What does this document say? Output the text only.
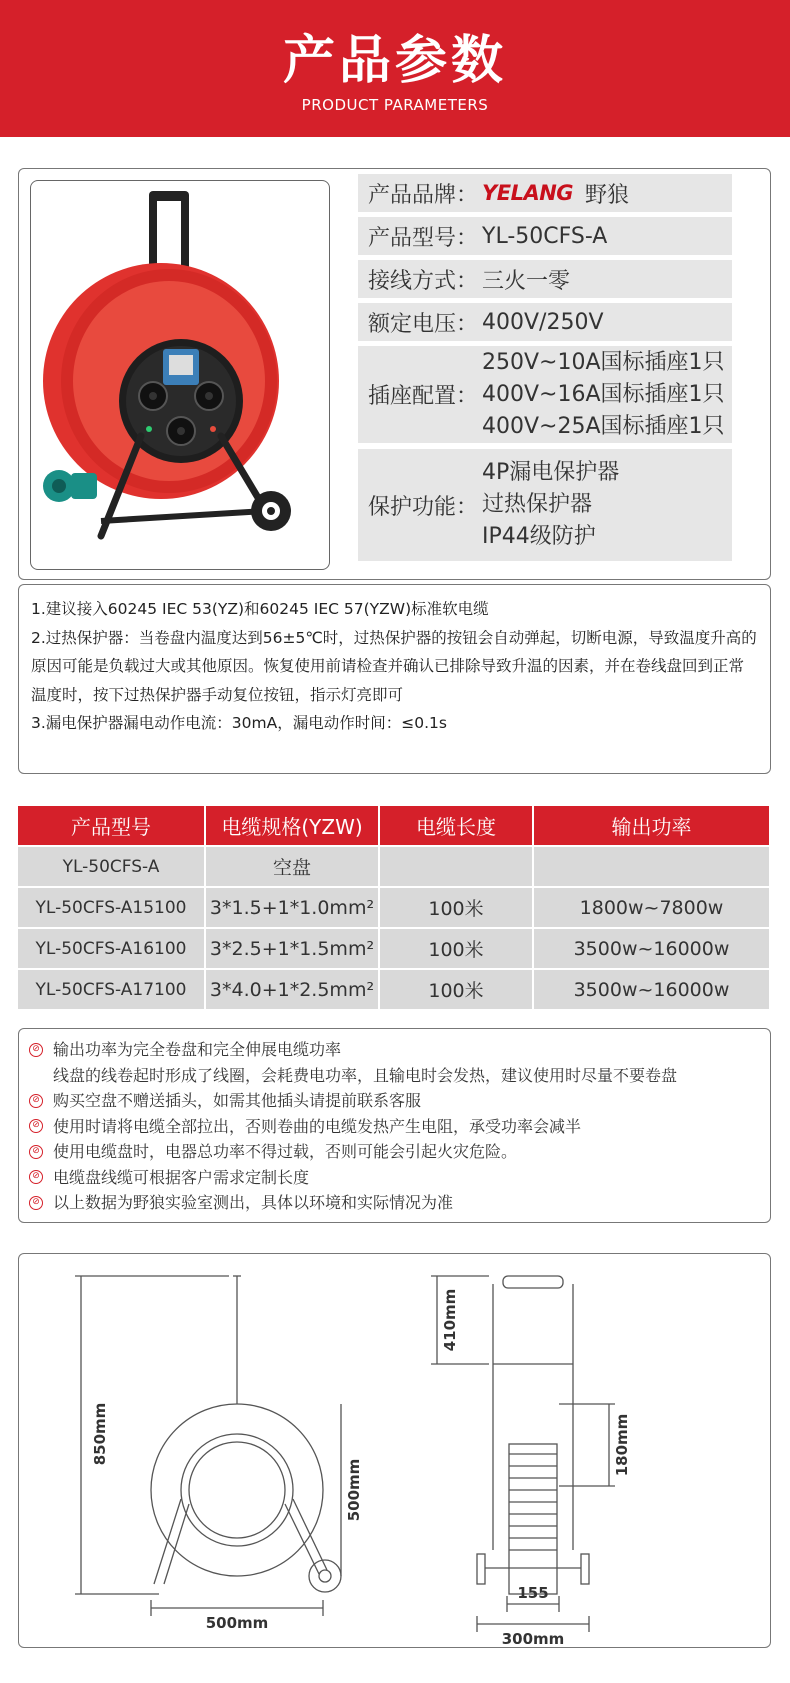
产品参数
PRODUCT PARAMETERS
产品品牌： YELANG 野狼
产品型号： YL-50CFS-A
接线方式： 三火一零
额定电压： 400V/250V
插座配置：
250V~10A国标插座1只
400V~16A国标插座1只
400V~25A国标插座1只
保护功能：
4P漏电保护器
过热保护器
IP44级防护

1.建议接入60245 IEC 53(YZ)和60245 IEC 57(YZW)标准软电缆

2.过热保护器：当卷盘内温度达到56±5℃时，过热保护器的按钮会自动弹起，切断电源，导致温度升高的原因可能是负载过大或其他原因。恢复使用前请检查并确认已排除导致升温的因素，并在卷线盘回到正常温度时，按下过热保护器手动复位按钮，指示灯亮即可

3.漏电保护器漏电动作电流：30mA，漏电动作时间：≤0.1s

产品型号	电缆规格(YZW)	电缆长度	输出功率
YL-50CFS-A	空盘
YL-50CFS-A15100	3*1.5+1*1.0mm²	100米	1800w~7800w
YL-50CFS-A16100	3*2.5+1*1.5mm²	100米	3500w~16000w
YL-50CFS-A17100	3*4.0+1*2.5mm²	100米	3500w~16000w
⊘ 输出功率为完全卷盘和完全伸展电缆功率
线盘的线卷起时形成了线圈，会耗费电功率，且输电时会发热，建议使用时尽量不要卷盘
⊘ 购买空盘不赠送插头，如需其他插头请提前联系客服
⊘ 使用时请将电缆全部拉出，否则卷曲的电缆发热产生电阻，承受功率会减半
⊘ 使用电缆盘时，电器总功率不得过载，否则可能会引起火灾危险。
⊘ 电缆盘线缆可根据客户需求定制长度
⊘ 以上数据为野狼实验室测出，具体以环境和实际情况为准
850mm
500mm
500mm
410mm
180mm
155
300mm
